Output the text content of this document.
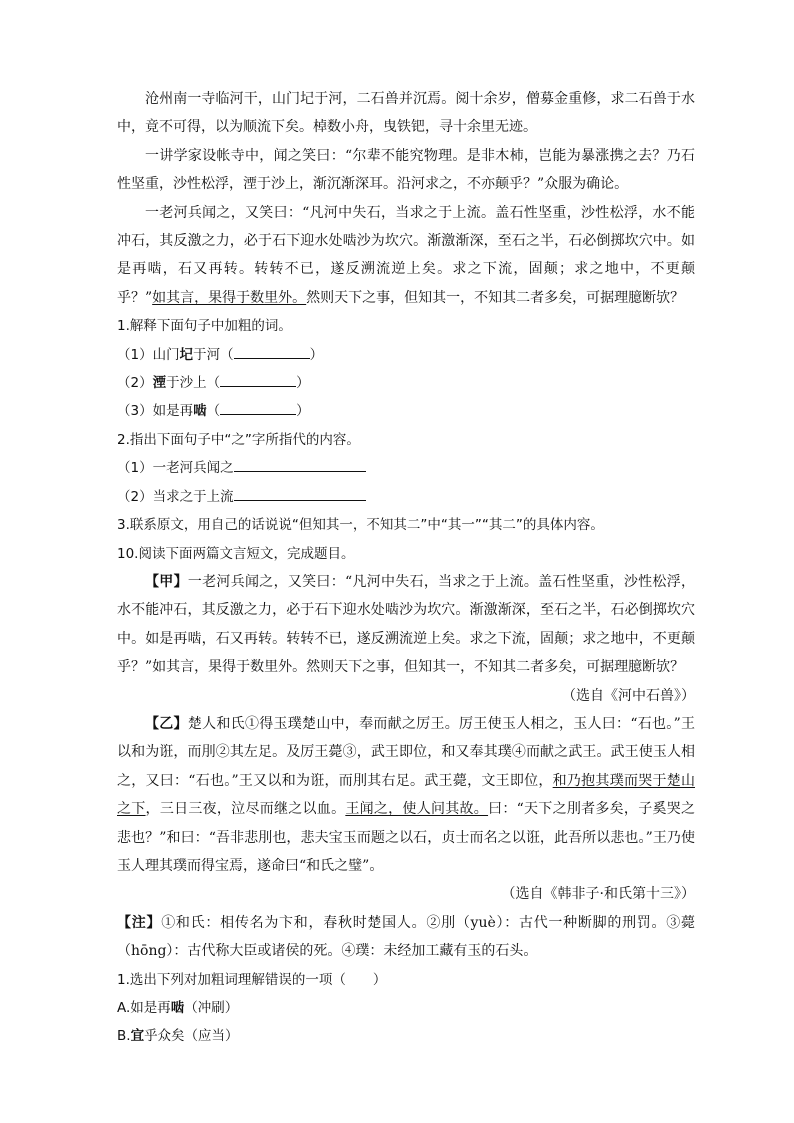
沧州南一寺临河干，山门圮于河，二石兽并沉焉。阅十余岁，僧募金重修，求二石兽于水中，竟不可得，以为顺流下矣。棹数小舟，曳铁钯，寻十余里无迹。

一讲学家设帐寺中，闻之笑曰：“尔辈不能究物理。是非木杮，岂能为暴涨携之去？乃石性坚重，沙性松浮，湮于沙上，渐沉渐深耳。沿河求之，不亦颠乎？”众服为确论。

一老河兵闻之，又笑曰：“凡河中失石，当求之于上流。盖石性坚重，沙性松浮，水不能冲石，其反激之力，必于石下迎水处啮沙为坎穴。渐激渐深，至石之半，石必倒掷坎穴中。如是再啮，石又再转。转转不已，遂反溯流逆上矣。求之下流，固颠；求之地中，不更颠乎？”如其言，果得于数里外。然则天下之事，但知其一，不知其二者多矣，可据理臆断欤？

1.解释下面句子中加粗的词。

（1）山门圮于河（	）

（2）湮于沙上（	）

（3）如是再啮（	）

2.指出下面句子中“之”字所指代的内容。

（1）一老河兵闻之

（2）当求之于上流

3.联系原文，用自己的话说说“但知其一，不知其二”中“其一”“其二”的具体内容。

10.阅读下面两篇文言短文，完成题目。

【甲】一老河兵闻之，又笑曰：“凡河中失石，当求之于上流。盖石性坚重，沙性松浮，水不能冲石，其反激之力，必于石下迎水处啮沙为坎穴。渐激渐深，至石之半，石必倒掷坎穴中。如是再啮，石又再转。转转不已，遂反溯流逆上矣。求之下流，固颠；求之地中，不更颠乎？”如其言，果得于数里外。然则天下之事，但知其一，不知其二者多矣，可据理臆断欤？

（选自《河中石兽》）

【乙】楚人和氏①得玉璞楚山中，奉而献之厉王。厉王使玉人相之，玉人曰：“石也。”王以和为诳，而刖②其左足。及厉王薨③，武王即位，和又奉其璞④而献之武王。武王使玉人相之，又曰：“石也。”王又以和为诳，而刖其右足。武王薨，文王即位，和乃抱其璞而哭于楚山之下，三日三夜，泣尽而继之以血。王闻之，使人问其故。曰：“天下之刖者多矣，子奚哭之悲也？”和曰：“吾非悲刖也，悲夫宝玉而题之以石，贞士而名之以诳，此吾所以悲也。”王乃使玉人理其璞而得宝焉，遂命曰“和氏之璧”。

（选自《韩非子·和氏第十三》）

【注】①和氏：相传名为卞和，春秋时楚国人。②刖（yuè）：古代一种断脚的刑罚。③薨（hōng）：古代称大臣或诸侯的死。④璞：未经加工藏有玉的石头。

1.选出下列对加粗词理解错误的一项（　　）

A.如是再啮（冲刷）

B.宜乎众矣（应当）
